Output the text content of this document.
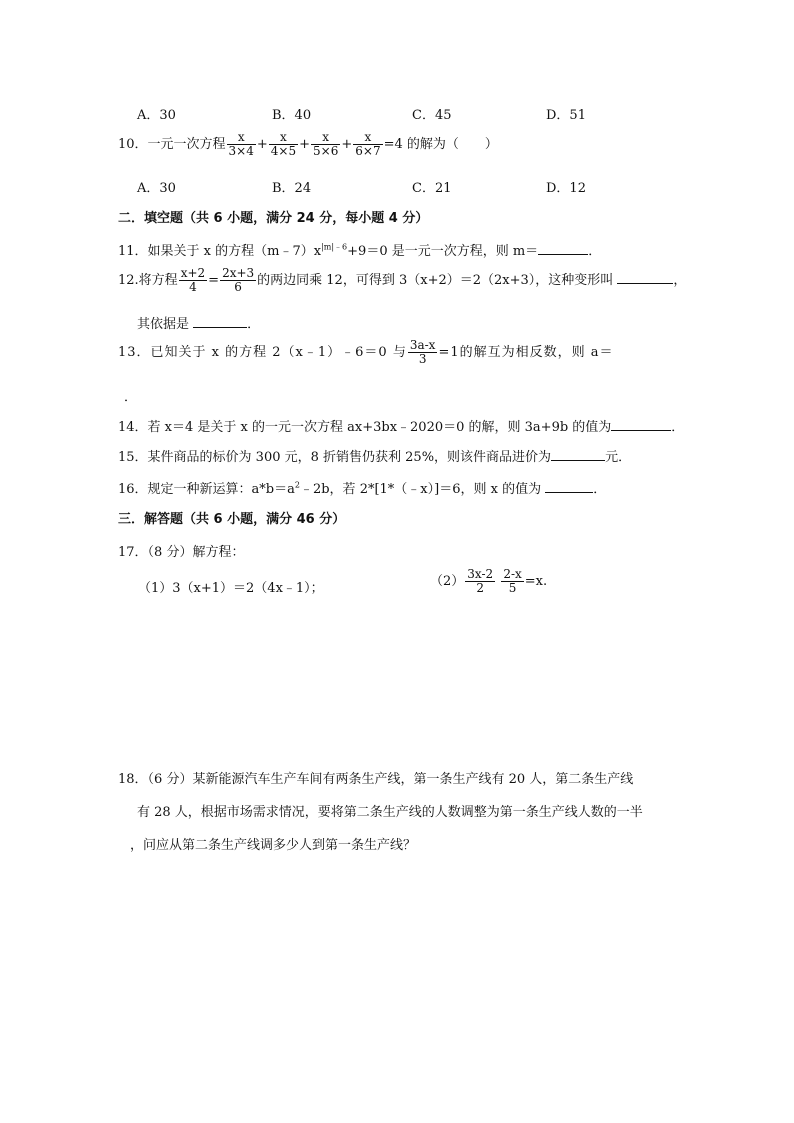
A．30	B．40	C．45	D．51
10．一元一次方程 $\frac{x}{3\times 4} + \frac{x}{4\times 5} + \frac{x}{5\times 6} + \frac{x}{6\times 7} =4$ 的解为（　　）
A．30	B．24	C．21	D．12
二．填空题（共 6 小题，满分 24 分，每小题 4 分）
11．如果关于 x 的方程$(m﹣7)x^{|m|﹣6}+9=0$ 是一元一次方程，则 m＝	．
12.将方程 $\frac{x+2}{4} = \frac{2x+3}{6}$ 的两边同乘 12，可得到 3（x+2）＝2（2x+3），这种变形叫	，
其依据是	．
13．已知关于 x 的方程 2（x﹣1）﹣6＝0 与 $\frac{3a-x}{3} =1$的解互为相反数，则 a＝
．
14．若 x＝4 是关于 x 的一元一次方程 ax+3bx﹣2020＝0 的解，则 3a+9b 的值为	．
15．某件商品的标价为 300 元，8 折销售仍获利 25%，则该件商品进价为	元．
16．规定一种新运算：$a*b=a^2﹣2b$，若 2*[1*（﹣x）]＝6，则 x 的值为	．
三．解答题（共 6 小题，满分 46 分）
17．（8 分）解方程：
（1）3（x+1）＝2（4x﹣1）；	$(2) \frac{3x-2}{2}$
$\frac{2-x}{5} =x$.
18．（6 分）某新能源汽车生产车间有两条生产线，第一条生产线有 20 人，第二条生产线
有 28 人，根据市场需求情况，要将第二条生产线的人数调整为第一条生产线人数的一半
，问应从第二条生产线调多少人到第一条生产线？
